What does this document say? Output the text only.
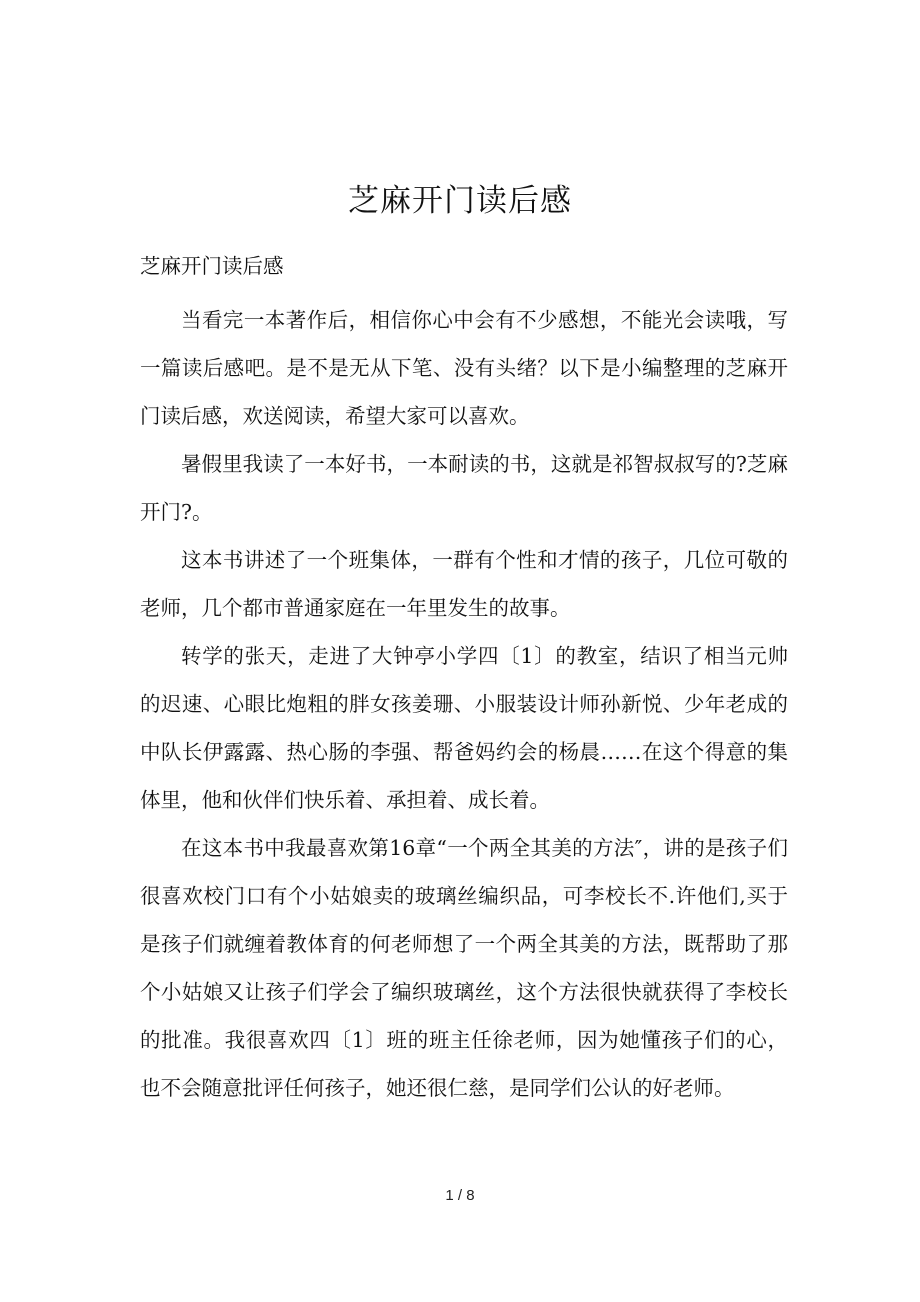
芝麻开门读后感

芝麻开门读后感

当看完一本著作后，相信你心中会有不少感想，不能光会读哦，写一篇读后感吧。是不是无从下笔、没有头绪？以下是小编整理的芝麻开门读后感，欢送阅读，希望大家可以喜欢。

暑假里我读了一本好书，一本耐读的书，这就是祁智叔叔写的?芝麻开门?。

这本书讲述了一个班集体，一群有个性和才情的孩子，几位可敬的老师，几个都市普通家庭在一年里发生的故事。

转学的张天，走进了大钟亭小学四〔1〕的教室，结识了相当元帅的迟速、心眼比炮粗的胖女孩姜珊、小服装设计师孙新悦、少年老成的中队长伊露露、热心肠的李强、帮爸妈约会的杨晨……在这个得意的集体里，他和伙伴们快乐着、承担着、成长着。

在这本书中我最喜欢第16章“一个两全其美的方法″，讲的是孩子们很喜欢校门口有个小姑娘卖的玻璃丝编织品，可李校长不.许他们,买于是孩子们就缠着教体育的何老师想了一个两全其美的方法，既帮助了那个小姑娘又让孩子们学会了编织玻璃丝，这个方法很快就获得了李校长的批准。我很喜欢四〔1〕班的班主任徐老师，因为她懂孩子们的心，也不会随意批评任何孩子，她还很仁慈，是同学们公认的好老师。

1 / 8
